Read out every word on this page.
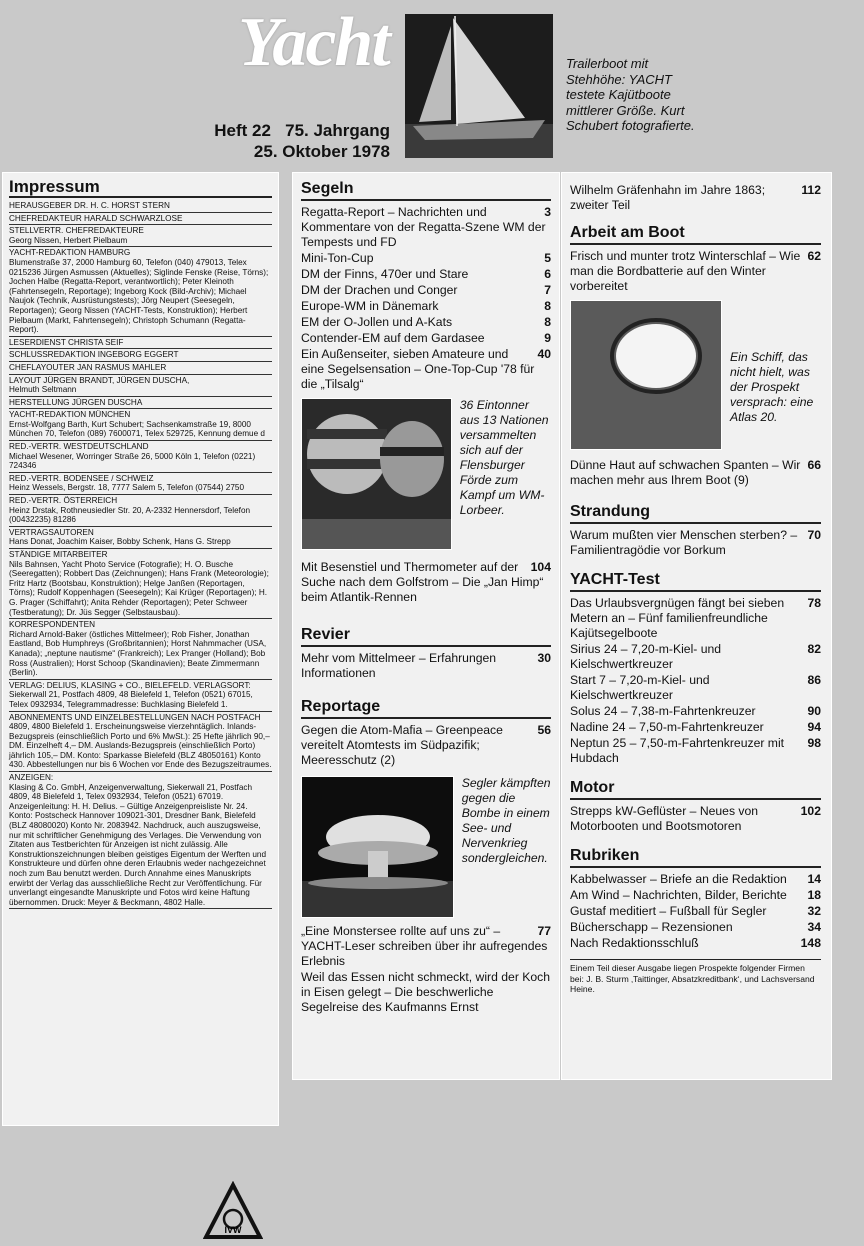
Yacht
Heft 22   75. Jahrgang
25. Oktober 1978
Trailerboot mit Stehhöhe: YACHT testete Kajütboote mittlerer Größe. Kurt Schubert fotografierte.
Impressum
HERAUSGEBER DR. H. C. HORST STERN
CHEFREDAKTEUR HARALD SCHWARZLOSE
STELLVERTR. CHEFREDAKTEURE
Georg Nissen, Herbert Pielbaum
YACHT-REDAKTION HAMBURG
Blumenstraße 37, 2000 Hamburg 60, Telefon (040) 479013, Telex 0215236 Jürgen Asmussen (Aktuelles); Siglinde Fenske (Reise, Törns); Jochen Halbe (Regatta-Report, verantwortlich); Peter Kleinoth (Fahrtensegeln, Reportage); Ingeborg Kock (Bild-Archiv); Michael Naujok (Technik, Ausrüstungstests); Jörg Neupert (Seesegeln, Reportagen); Georg Nissen (YACHT-Tests, Konstruktion); Herbert Pielbaum (Markt, Fahrtensegeln); Christoph Schumann (Regatta-Report).
LESERDIENST CHRISTA SEIF
SCHLUSSREDAKTION INGEBORG EGGERT
CHEFLAYOUTER JAN RASMUS MAHLER
LAYOUT JÜRGEN BRANDT, JÜRGEN DUSCHA,
Helmuth Seltmann
HERSTELLUNG JÜRGEN DUSCHA
YACHT-REDAKTION MÜNCHEN
Ernst-Wolfgang Barth, Kurt Schubert; Sachsenkamstraße 19, 8000 München 70, Telefon (089) 7600071, Telex 529725, Kennung demue d
RED.-VERTR. WESTDEUTSCHLAND
Michael Wesener, Worringer Straße 26, 5000 Köln 1, Telefon (0221) 724346
RED.-VERTR. BODENSEE / SCHWEIZ
Heinz Wessels, Bergstr. 18, 7777 Salem 5, Telefon (07544) 2750
RED.-VERTR. ÖSTERREICH
Heinz Drstak, Rothneusiedler Str. 20, A-2332 Hennersdorf, Telefon (00432235) 81286
VERTRAGSAUTOREN
Hans Donat, Joachim Kaiser, Bobby Schenk, Hans G. Strepp
STÄNDIGE MITARBEITER
Nils Bahnsen, Yacht Photo Service (Fotografie); H. O. Busche (Seeregatten); Robbert Das (Zeichnungen); Hans Frank (Meteorologie); Fritz Hartz (Bootsbau, Konstruktion); Helge Janßen (Reportagen, Törns); Rudolf Koppenhagen (Seesegeln); Kai Krüger (Reportagen); H. G. Prager (Schiffahrt); Anita Rehder (Reportagen); Peter Schweer (Testberatung); Dr. Jüs Segger (Selbstausbau).
KORRESPONDENTEN
Richard Arnold-Baker (östliches Mittelmeer); Rob Fisher, Jonathan Eastland, Bob Humphreys (Großbritannien); Horst Nahmmacher (USA, Kanada); „neptune nautisme“ (Frankreich); Lex Pranger (Holland); Bob Ross (Australien); Horst Schoop (Skandinavien); Beate Zimmermann (Berlin).
VERLAG: DELIUS, KLASING + CO., BIELEFELD. VERLAGSORT:
Siekerwall 21, Postfach 4809, 48 Bielefeld 1, Telefon (0521) 67015, Telex 0932934, Telegrammadresse: Buchklasing Bielefeld 1.
ABONNEMENTS UND EINZELBESTELLUNGEN NACH POSTFACH
4809, 4800 Bielefeld 1. Erscheinungsweise vierzehntäglich. Inlands-Bezugspreis (einschließlich Porto und 6% MwSt.): 25 Hefte jährlich 90,– DM. Einzelheft 4,– DM. Auslands-Bezugspreis (einschließlich Porto) jährlich 105,– DM. Konto: Sparkasse Bielefeld (BLZ 48050161) Konto 430. Abbestellungen nur bis 6 Wochen vor Ende des Bezugszeitraumes.
ANZEIGEN:
Klasing & Co. GmbH, Anzeigenverwaltung, Siekerwall 21, Postfach 4809, 48 Bielefeld 1, Telex 0932934, Telefon (0521) 67019. Anzeigenleitung: H. H. Delius. – Gültige Anzeigenpreisliste Nr. 24. Konto: Postscheck Hannover 109021-301, Dresdner Bank, Bielefeld (BLZ 48080020) Konto Nr. 2083942. Nachdruck, auch auszugsweise, nur mit schriftlicher Genehmigung des Verlages. Die Verwendung von Zitaten aus Testberichten für Anzeigen ist nicht zulässig. Alle Konstruktionszeichnungen bleiben geistiges Eigentum der Werften und Konstrukteure und dürfen ohne deren Erlaubnis weder nachgezeichnet noch zum Bau benutzt werden. Durch Annahme eines Manuskripts erwirbt der Verlag das ausschließliche Recht zur Veröffentlichung. Für unverlangt eingesandte Manuskripte und Fotos wird keine Haftung übernommen. Druck: Meyer & Beckmann, 4802 Halle.
IVW
Segeln
3
Regatta-Report – Nachrichten und Kommentare von der Regatta-Szene WM der Tempests und FD
5
Mini-Ton-Cup
6
DM der Finns, 470er und Stare
7
DM der Drachen und Conger
8
Europe-WM in Dänemark
8
EM der O-Jollen und A-Kats
9
Contender-EM auf dem Gardasee
40
Ein Außenseiter, sieben Amateure und eine Segelsensation – One-Top-Cup '78 für die „Tilsalg“
36 Eintonner aus 13 Nationen versammelten sich auf der Flensburger Förde zum Kampf um WM-Lorbeer.
104
Mit Besenstiel und Thermometer auf der Suche nach dem Golfstrom – Die „Jan Himp“ beim Atlantik-Rennen
Revier
30
Mehr vom Mittelmeer – Erfahrungen Informationen
Reportage
56
Gegen die Atom-Mafia – Greenpeace vereitelt Atomtests im Südpazifik; Meeresschutz (2)
Segler kämpften gegen die Bombe in einem See- und Nervenkrieg sondergleichen.
77
„Eine Monstersee rollte auf uns zu“ – YACHT-Leser schreiben über ihr aufregendes Erlebnis
Weil das Essen nicht schmeckt, wird der Koch in Eisen gelegt – Die beschwerliche Segelreise des Kaufmanns Ernst
112
Wilhelm Gräfenhahn im Jahre 1863; zweiter Teil
Arbeit am Boot
62
Frisch und munter trotz Winterschlaf – Wie man die Bordbatterie auf den Winter vorbereitet
Ein Schiff, das nicht hielt, was der Prospekt versprach: eine Atlas 20.
66
Dünne Haut auf schwachen Spanten – Wir machen mehr aus Ihrem Boot (9)
Strandung
70
Warum mußten vier Menschen sterben? – Familientragödie vor Borkum
YACHT-Test
78
Das Urlaubsvergnügen fängt bei sieben Metern an – Fünf familienfreundliche Kajütsegelboote
82
Sirius 24 – 7,20-m-Kiel- und Kielschwertkreuzer
86
Start 7 – 7,20-m-Kiel- und Kielschwertkreuzer
90
Solus 24 – 7,38-m-Fahrtenkreuzer
94
Nadine 24 – 7,50-m-Fahrtenkreuzer
98
Neptun 25 – 7,50-m-Fahrtenkreuzer mit Hubdach
Motor
102
Strepps kW-Geflüster – Neues von Motorbooten und Bootsmotoren
Rubriken
14
Kabbelwasser – Briefe an die Redaktion
18
Am Wind – Nachrichten, Bilder, Berichte
32
Gustaf meditiert – Fußball für Segler
34
Bücherschapp – Rezensionen
148
Nach Redaktionsschluß
Einem Teil dieser Ausgabe liegen Prospekte folgender Firmen bei: J. B. Sturm ‚Taittinger, Absatzkreditbank‘, und Lachsversand Heine.
